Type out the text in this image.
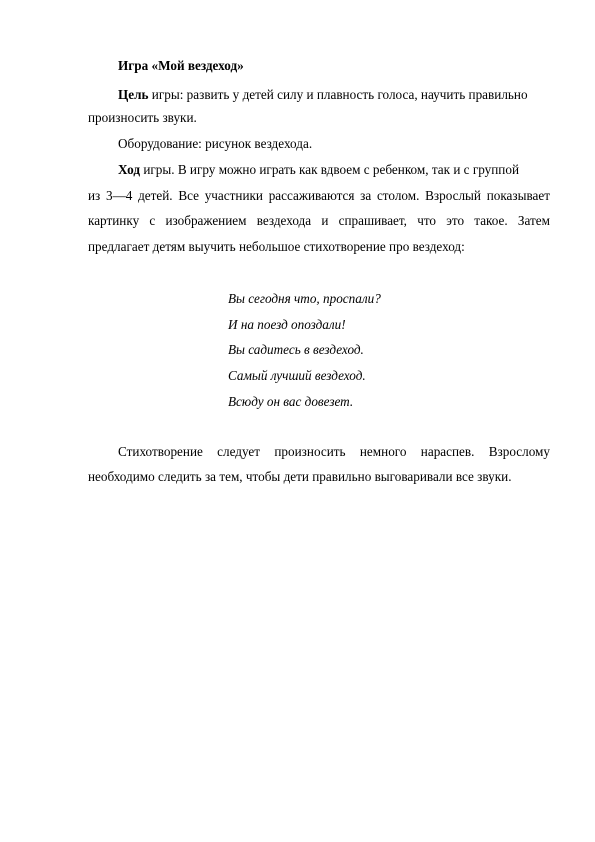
Игра «Мой вездеход»
Цель игры: развить у детей силу и плавность голоса, научить правильно
произносить звуки.
Оборудование: рисунок вездехода.
Ход игры. В игру можно играть как вдвоем с ребенком, так и с группой
из 3—4 детей. Все участники рассаживаются за столом. Взрослый показывает
картинку с изображением вездехода и спрашивает, что это такое. Затем
предлагает детям выучить небольшое стихотворение про вездеход:
Вы сегодня что, проспали?
И на поезд опоздали!
Вы садитесь в вездеход.
Самый лучший вездеход.
Всюду он вас довезет.
Стихотворение следует произносить немного нараспев. Взрослому
необходимо следить за тем, чтобы дети правильно выговаривали все звуки.
